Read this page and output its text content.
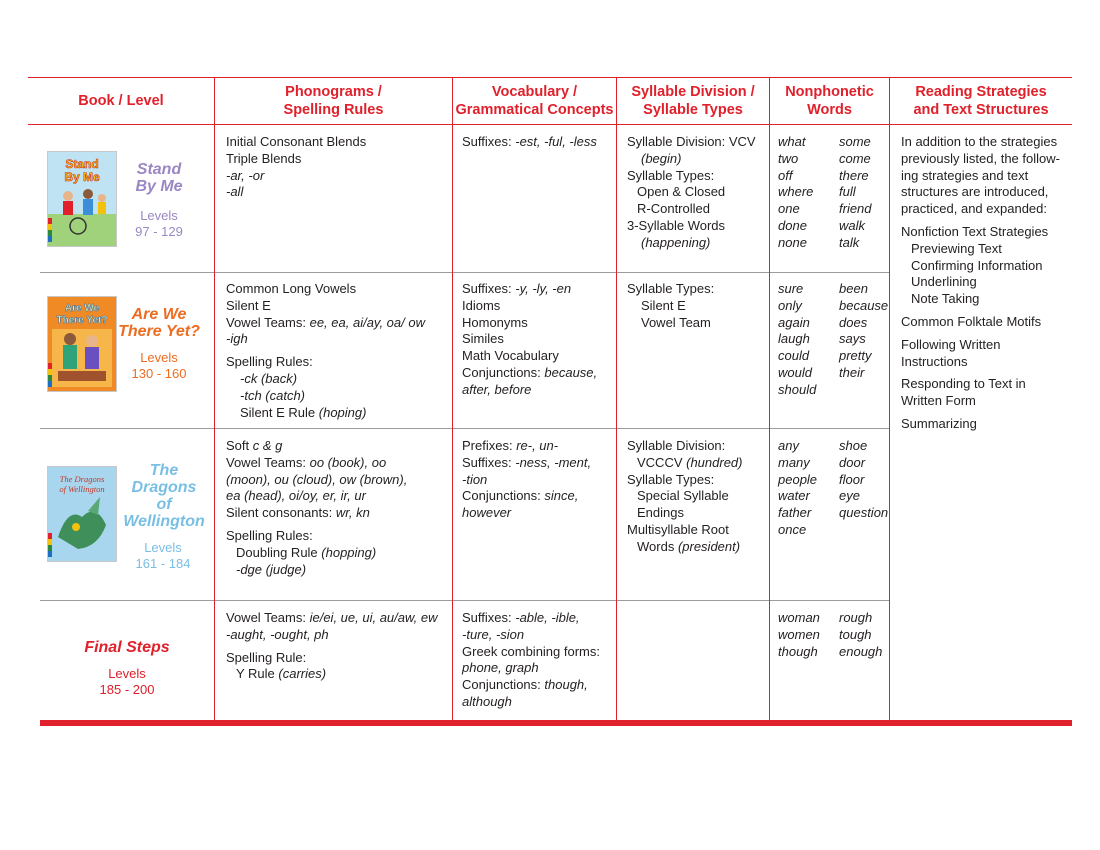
Book / Level
Phonograms /
Spelling Rules
Vocabulary /
Grammatical Concepts
Syllable Division /
Syllable Types
Nonphonetic
Words
Reading Strategies
and Text Structures
Stand
By Me	Stand
By Me
Levels
97 - 129
Initial Consonant Blends
Triple Blends
-ar, -or
-all
Suffixes: -est, -ful, -less Syllable Division: VCV
(begin)
Syllable Types:
Open & Closed
R-Controlled
3-Syllable Words
(happening)
what
two
off
where
one
done
none
some
come
there
full
friend
walk
talk
Are We
There Yet?	Are We
There Yet?
Levels
130 - 160
Common Long Vowels
Silent E
Vowel Teams: ee, ea, ai/ay, oa/ ow
-igh
Spelling Rules:
-ck (back)
-tch (catch)
Silent E Rule (hoping)
Suffixes: -y, -ly, -en
Idioms
Homonyms
Similes
Math Vocabulary
Conjunctions: because,
after, before
Syllable Types:
Silent E
Vowel Team
sure
only
again
laugh
could
would
should
been
because
does
says
pretty
their
The Dragons
of Wellington
The
Dragons
of
Wellington
Levels
161 - 184
Soft c & g
Vowel Teams: oo (book), oo
(moon), ou (cloud), ow (brown),
ea (head), oi/oy, er, ir, ur
Silent consonants: wr, kn
Spelling Rules:
Doubling Rule (hopping)
-dge (judge)
Prefixes: re-, un-
Suffixes: -ness, -ment,
-tion
Conjunctions: since,
however
Syllable Division:
VCCCV (hundred)
Syllable Types:
Special Syllable
Endings
Multisyllable Root
Words (president)
any
many
people
water
father
once
shoe
door
floor
eye
question
Final Steps
Levels
185 - 200
Vowel Teams: ie/ei, ue, ui, au/aw, ew
-aught, -ought, ph
Spelling Rule:
Y Rule (carries)
Suffixes: -able, -ible,
-ture, -sion
Greek combining forms:
phone, graph
Conjunctions: though,
although
woman
women
though
rough
tough
enough
In addition to the strategies
previously listed, the follow-
ing strategies and text
structures are introduced,
practiced, and expanded:
Nonfiction Text Strategies
Previewing Text
Confirming Information
Underlining
Note Taking
Common Folktale Motifs
Following Written
Instructions
Responding to Text in
Written Form
Summarizing
